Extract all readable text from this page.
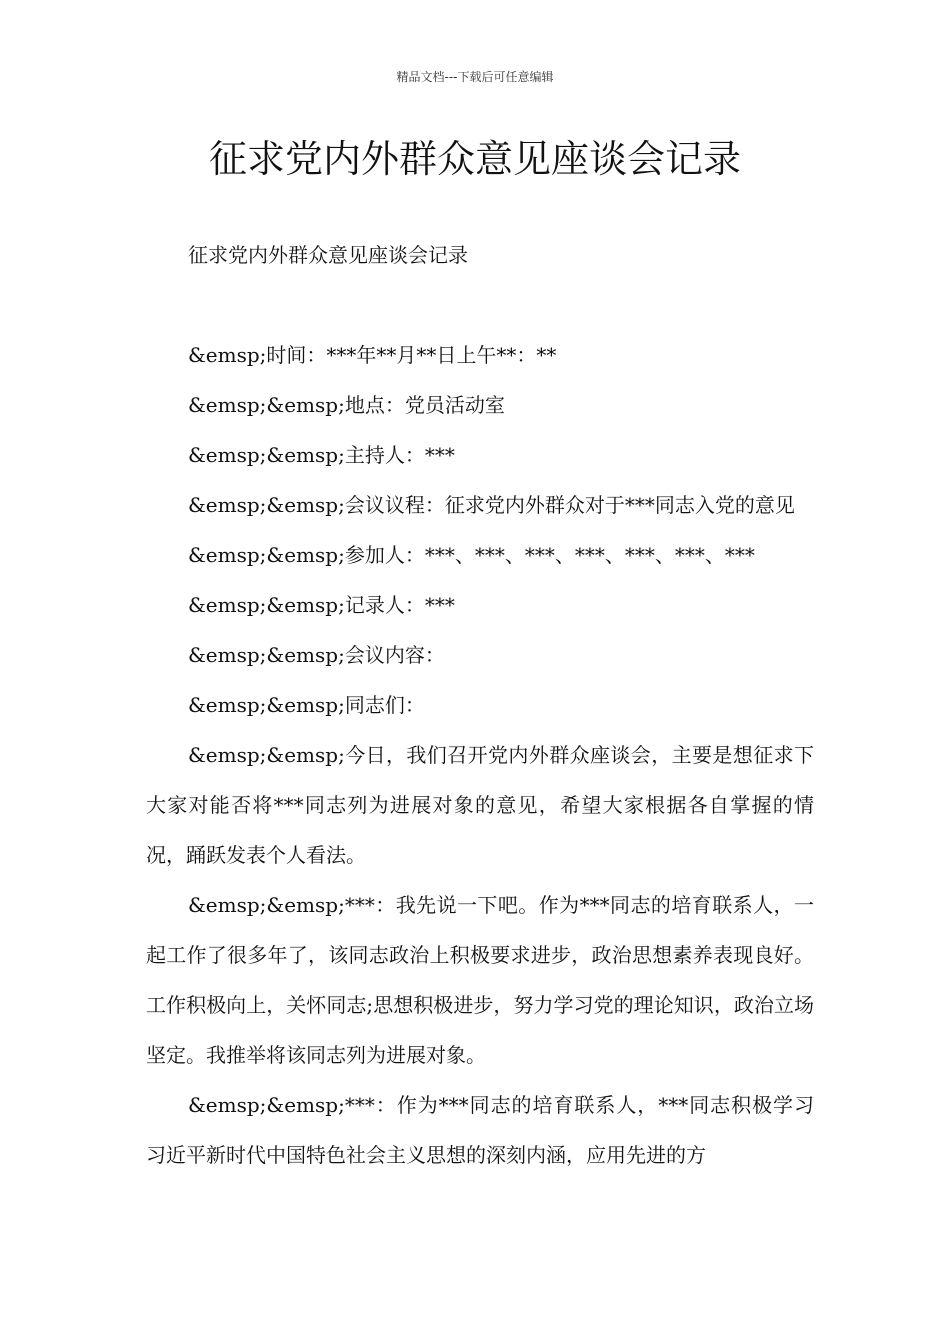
精品文档---下载后可任意编辑
征求党内外群众意见座谈会记录

征求党内外群众意见座谈会记录

&emsp;时间：***年**月**日上午**：**

&emsp;&emsp;地点：党员活动室

&emsp;&emsp;主持人：***

&emsp;&emsp;会议议程：征求党内外群众对于***同志入党的意见

&emsp;&emsp;参加人：***、***、***、***、***、***、***

&emsp;&emsp;记录人：***

&emsp;&emsp;会议内容：

&emsp;&emsp;同志们：

&emsp;&emsp;今日，我们召开党内外群众座谈会，主要是想征求下大家对能否将***同志列为进展对象的意见，希望大家根据各自掌握的情况，踊跃发表个人看法。

&emsp;&emsp;***：我先说一下吧。作为***同志的培育联系人，一起工作了很多年了，该同志政治上积极要求进步，政治思想素养表现良好。工作积极向上，关怀同志;思想积极进步，努力学习党的理论知识，政治立场坚定。我推举将该同志列为进展对象。

&emsp;&emsp;***：作为***同志的培育联系人，***同志积极学习习近平新时代中国特色社会主义思想的深刻内涵，应用先进的方
